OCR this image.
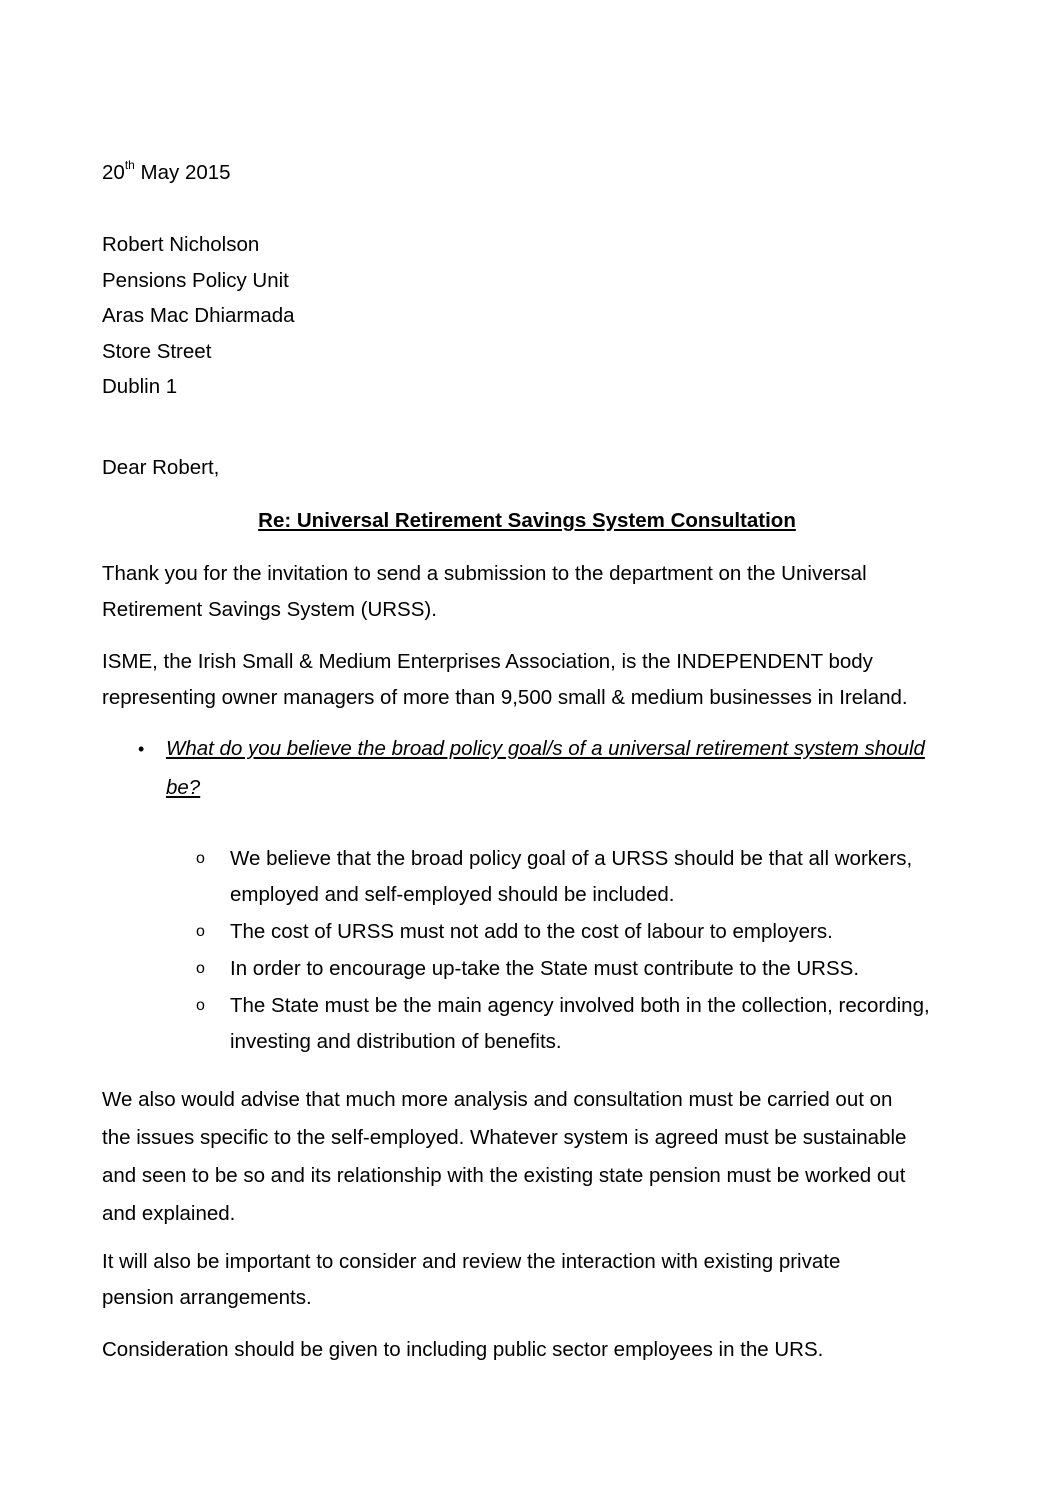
20th May 2015
Robert Nicholson
Pensions Policy Unit
Aras Mac Dhiarmada
Store Street
Dublin 1
Dear Robert,
Re: Universal Retirement Savings System Consultation
Thank you for the invitation to send a submission to the department on the Universal
Retirement Savings System (URSS).
ISME, the Irish Small & Medium Enterprises Association, is the INDEPENDENT body
representing owner managers of more than 9,500 small & medium businesses in Ireland.
• What do you believe the broad policy goal/s of a universal retirement system should
be?
o We believe that the broad policy goal of a URSS should be that all workers,
employed and self-employed should be included.
o The cost of URSS must not add to the cost of labour to employers.
o In order to encourage up-take the State must contribute to the URSS.
o The State must be the main agency involved both in the collection, recording,
investing and distribution of benefits.
We also would advise that much more analysis and consultation must be carried out on
the issues specific to the self-employed. Whatever system is agreed must be sustainable
and seen to be so and its relationship with the existing state pension must be worked out
and explained.
It will also be important to consider and review the interaction with existing private
pension arrangements.
Consideration should be given to including public sector employees in the URS.
